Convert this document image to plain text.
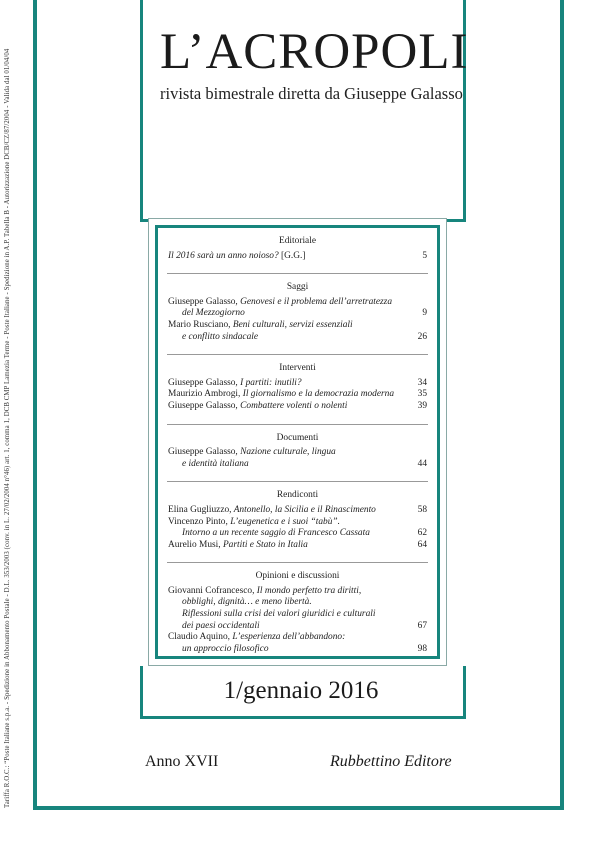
Tariffa R.O.C.: “Poste Italiane s.p.a. - Spedizione in Abbonamento Postale - D.L. 353/2003 (conv. in L. 27/02/2004 n°46) art. 1, comma 1, DCB CMP Lamezia Terme - Poste Italiane - Spedizione in A.P. Tabella B - Autorizzazione DCB/CZ/87/2004 - Valida dal 01/04/04	L’ACROPOLI
rivista bimestrale diretta da Giuseppe Galasso
Editoriale
Il 2016 sarà un anno noioso? [G.G.]	5
Saggi
Giuseppe Galasso, Genovesi e il problema dell’arretratezza
del Mezzogiorno	9
Mario Rusciano, Beni culturali, servizi essenziali
e conflitto sindacale	26
Interventi
Giuseppe Galasso, I partiti: inutili?	34
Maurizio Ambrogi, Il giornalismo e la democrazia moderna	35
Giuseppe Galasso, Combattere volenti o nolenti	39
Documenti
Giuseppe Galasso, Nazione culturale, lingua
e identità italiana	44
Rendiconti
Elina Gugliuzzo, Antonello, la Sicilia e il Rinascimento	58
Vincenzo Pinto, L’eugenetica e i suoi “tabù”.
Intorno a un recente saggio di Francesco Cassata	62
Aurelio Musi, Partiti e Stato in Italia	64
Opinioni e discussioni
Giovanni Cofrancesco, Il mondo perfetto tra diritti,
obblighi, dignità… e meno libertà.
Riflessioni sulla crisi dei valori giuridici e culturali
dei paesi occidentali	67
Claudio Aquino, L’esperienza dell’abbandono:
un approccio filosofico	98
1/gennaio 2016
Anno XVII	Rubbettino Editore
